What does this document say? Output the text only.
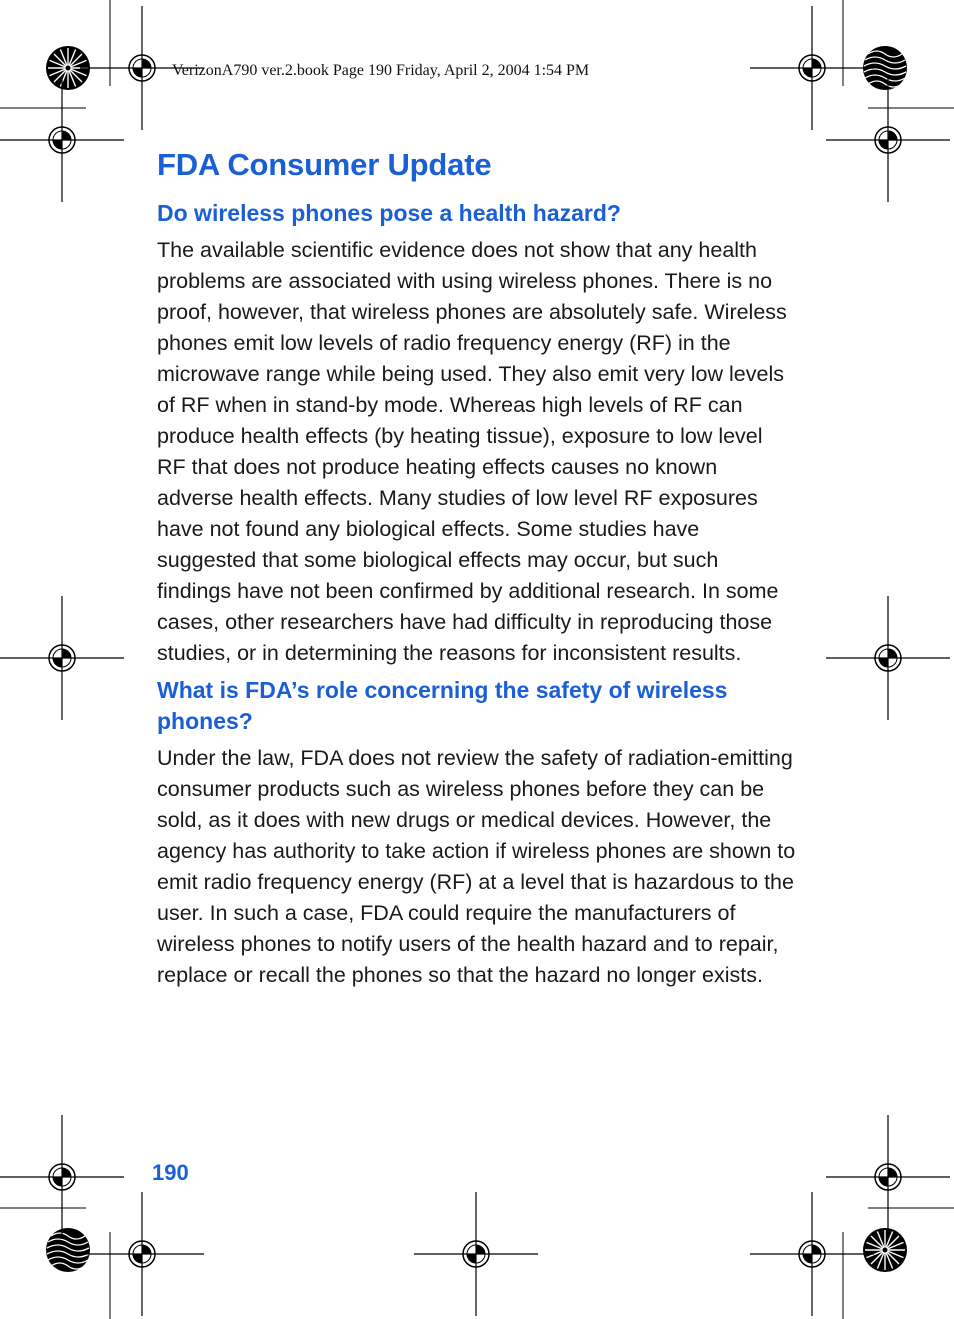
VerizonA790 ver.2.book Page 190 Friday, April 2, 2004 1:54 PM
FDA Consumer Update
Do wireless phones pose a health hazard?

The available scientific evidence does not show that any health problems are associated with using wireless phones. There is no proof, however, that wireless phones are absolutely safe. Wireless phones emit low levels of radio frequency energy (RF) in the microwave range while being used. They also emit very low levels of RF when in stand-by mode. Whereas high levels of RF can produce health effects (by heating tissue), exposure to low level RF that does not produce heating effects causes no known adverse health effects. Many studies of low level RF exposures have not found any biological effects. Some studies have suggested that some biological effects may occur, but such findings have not been confirmed by additional research. In some cases, other researchers have had difficulty in reproducing those studies, or in determining the reasons for inconsistent results.

What is FDA’s role concerning the safety of wireless phones?

Under the law, FDA does not review the safety of radiation-emitting consumer products such as wireless phones before they can be sold, as it does with new drugs or medical devices. However, the agency has authority to take action if wireless phones are shown to emit radio frequency energy (RF) at a level that is hazardous to the user. In such a case, FDA could require the manufacturers of wireless phones to notify users of the health hazard and to repair, replace or recall the phones so that the hazard no longer exists.

190
